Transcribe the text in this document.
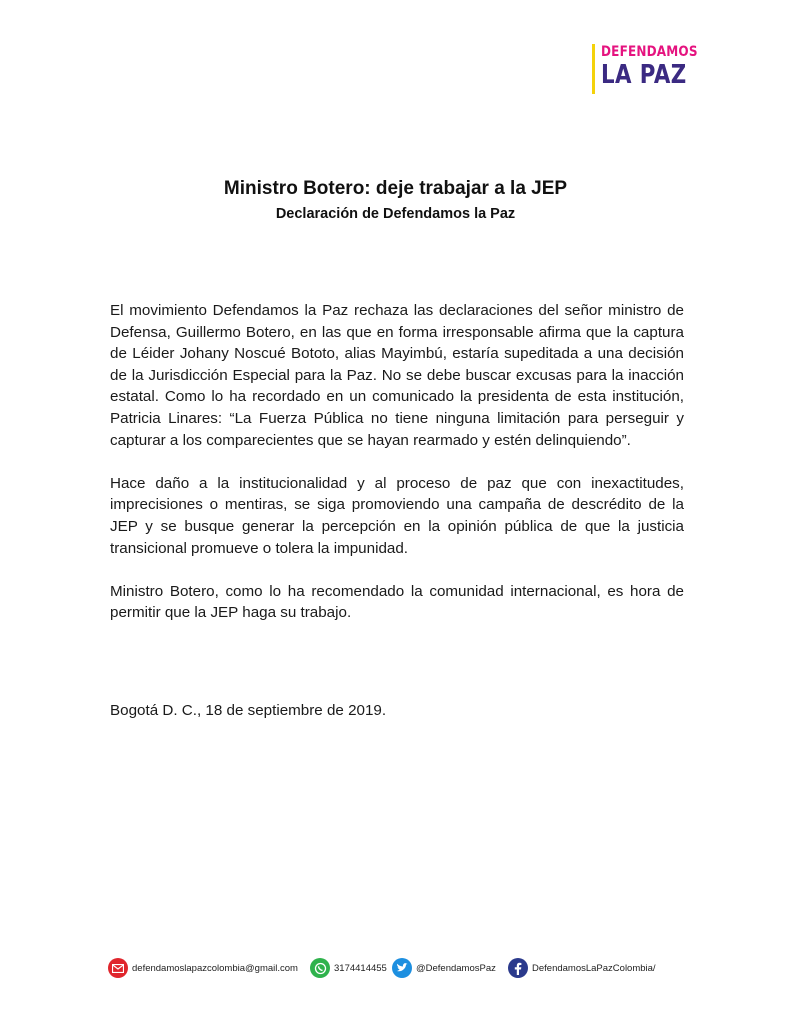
DEFENDAMOS
LA PAZ
Ministro Botero: deje trabajar a la JEP
Declaración de Defendamos la Paz

El movimiento Defendamos la Paz rechaza las declaraciones del señor ministro de Defensa, Guillermo Botero, en las que en forma irresponsable afirma que la captura de Léider Johany Noscué Bototo, alias Mayimbú, estaría supeditada a una decisión de la Jurisdicción Especial para la Paz. No se debe buscar excusas para la inacción estatal. Como lo ha recordado en un comunicado la presidenta de esta institución, Patricia Linares: “La Fuerza Pública no tiene ninguna limitación para perseguir y capturar a los comparecientes que se hayan rearmado y estén delinquiendo”.

Hace daño a la institucionalidad y al proceso de paz que con inexactitudes, imprecisiones o mentiras, se siga promoviendo una campaña de descrédito de la JEP y se busque generar la percepción en la opinión pública de que la justicia transicional promueve o tolera la impunidad.

Ministro Botero, como lo ha recomendado la comunidad internacional, es hora de permitir que la JEP haga su trabajo.

Bogotá D. C., 18 de septiembre de 2019.
defendamoslapazcolombia@gmail.com	3174414455	@DefendamosPaz	DefendamosLaPazColombia/
